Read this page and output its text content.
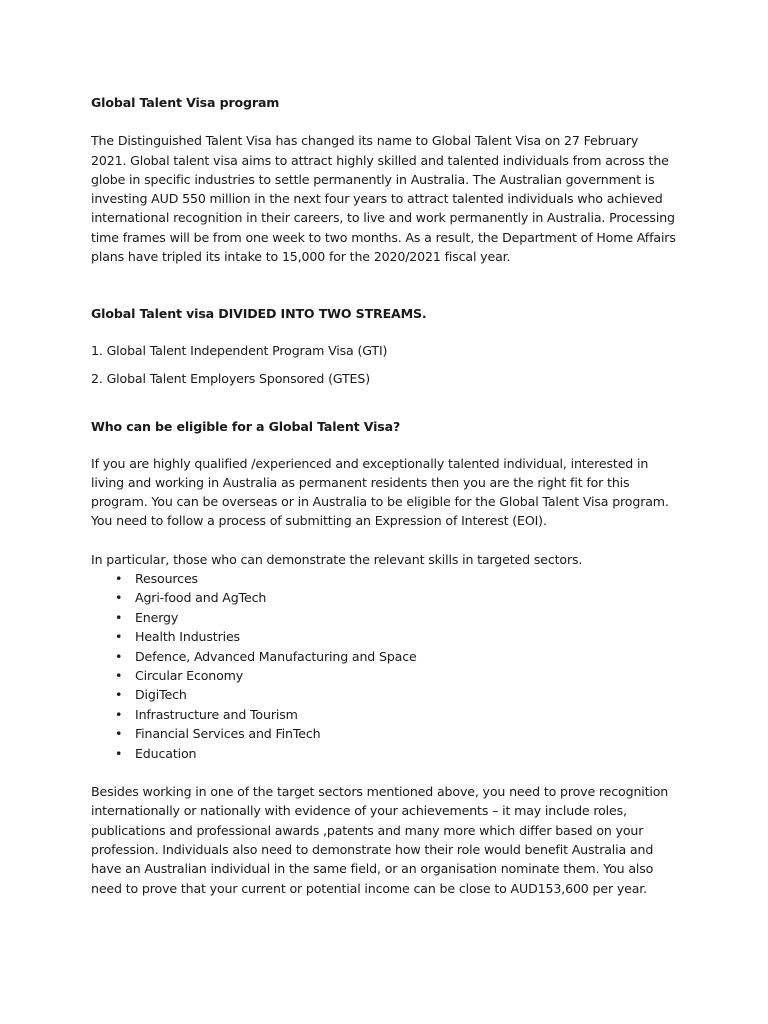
Global Talent Visa program

The Distinguished Talent Visa has changed its name to Global Talent Visa on 27 February 2021. Global talent visa aims to attract highly skilled and talented individuals from across the globe in specific industries to settle permanently in Australia. The Australian government is investing AUD 550 million in the next four years to attract talented individuals who achieved international recognition in their careers, to live and work permanently in Australia. Processing time frames will be from one week to two months. As a result, the Department of Home Affairs plans have tripled its intake to 15,000 for the 2020/2021 fiscal year.

Global Talent visa DIVIDED INTO TWO STREAMS.

1. Global Talent Independent Program Visa (GTI)

2. Global Talent Employers Sponsored (GTES)

Who can be eligible for a Global Talent Visa?

If you are highly qualified /experienced and exceptionally talented individual, interested in living and working in Australia as permanent residents then you are the right fit for this program. You can be overseas or in Australia to be eligible for the Global Talent Visa program. You need to follow a process of submitting an Expression of Interest (EOI).

In particular, those who can demonstrate the relevant skills in targeted sectors.

• Resources
• Agri-food and AgTech
• Energy
• Health Industries
• Defence, Advanced Manufacturing and Space
• Circular Economy
• DigiTech
• Infrastructure and Tourism
• Financial Services and FinTech
• Education

Besides working in one of the target sectors mentioned above, you need to prove recognition internationally or nationally with evidence of your achievements – it may include roles, publications and professional awards ,patents and many more which differ based on your profession. Individuals also need to demonstrate how their role would benefit Australia and have an Australian individual in the same field, or an organisation nominate them. You also need to prove that your current or potential income can be close to AUD153,600 per year.
